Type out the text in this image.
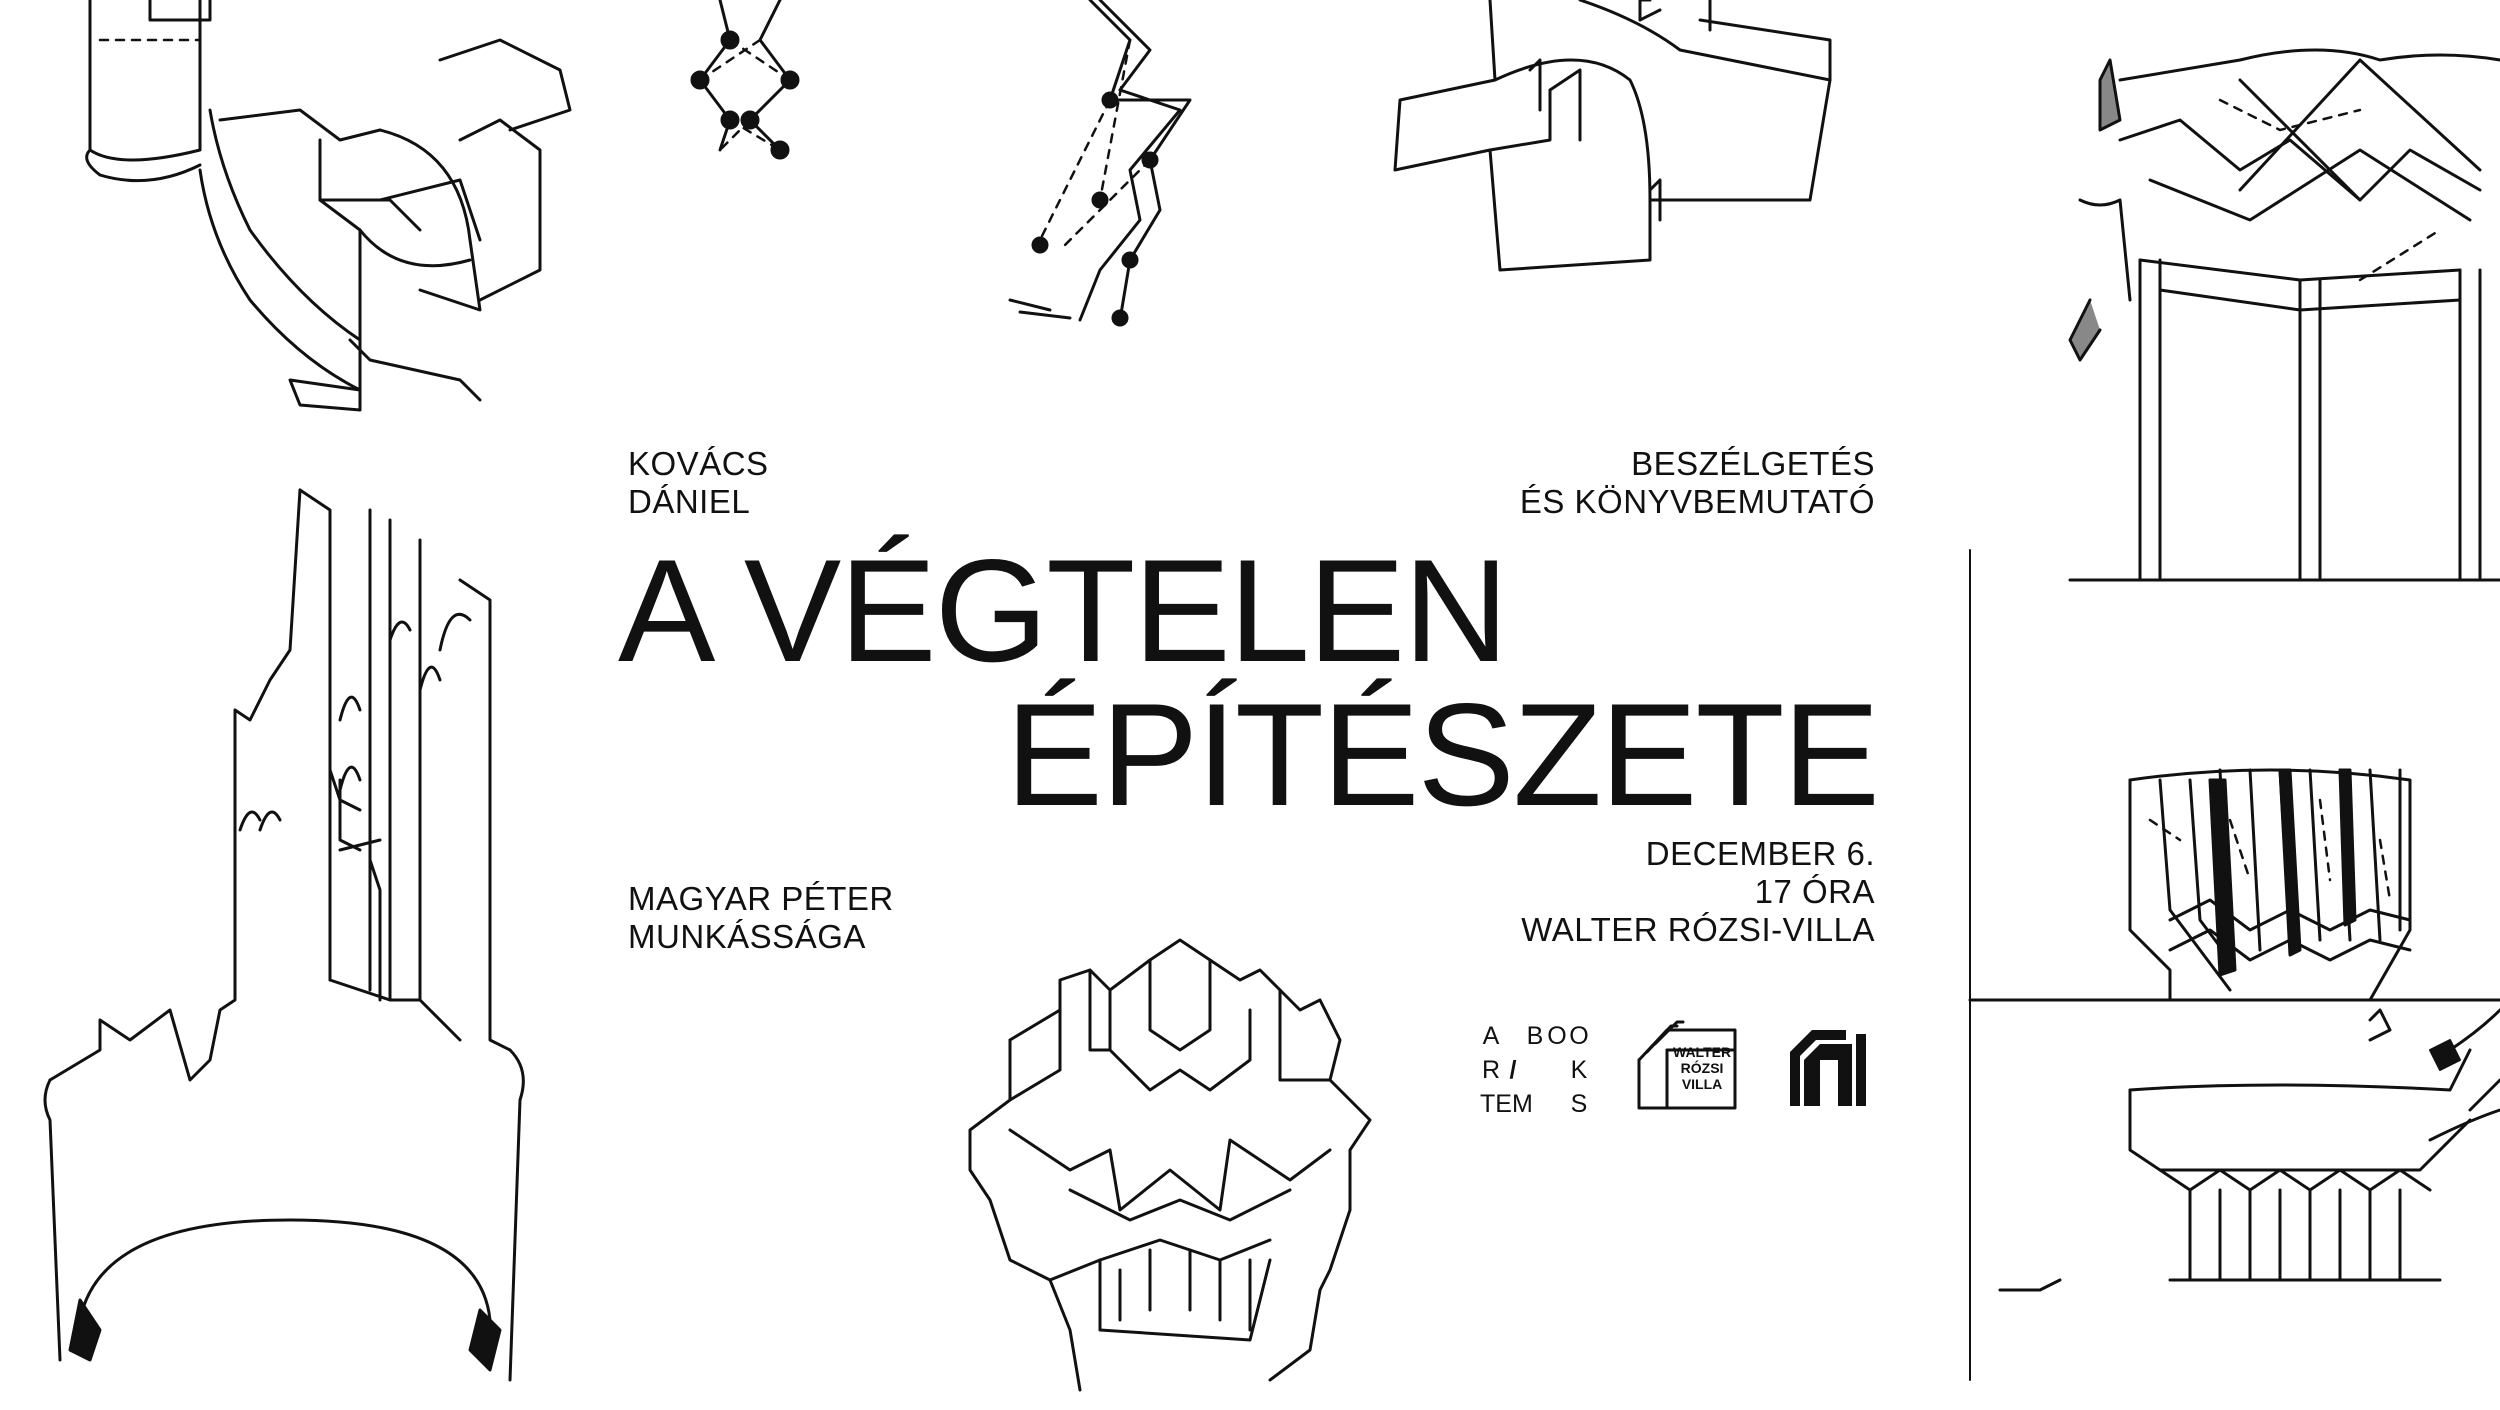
KOVÁCS
DÁNIEL
BESZÉLGETÉS
ÉS KÖNYVBEMUTATÓ
A VÉGTELEN
ÉPÍTÉSZETE
MAGYAR PÉTER
MUNKÁSSÁGA
DECEMBER 6.
17 ÓRA
WALTER RÓZSI-VILLA
A B O O
R /	K
TEM S
WALTER
RÓZSI
VILLA
